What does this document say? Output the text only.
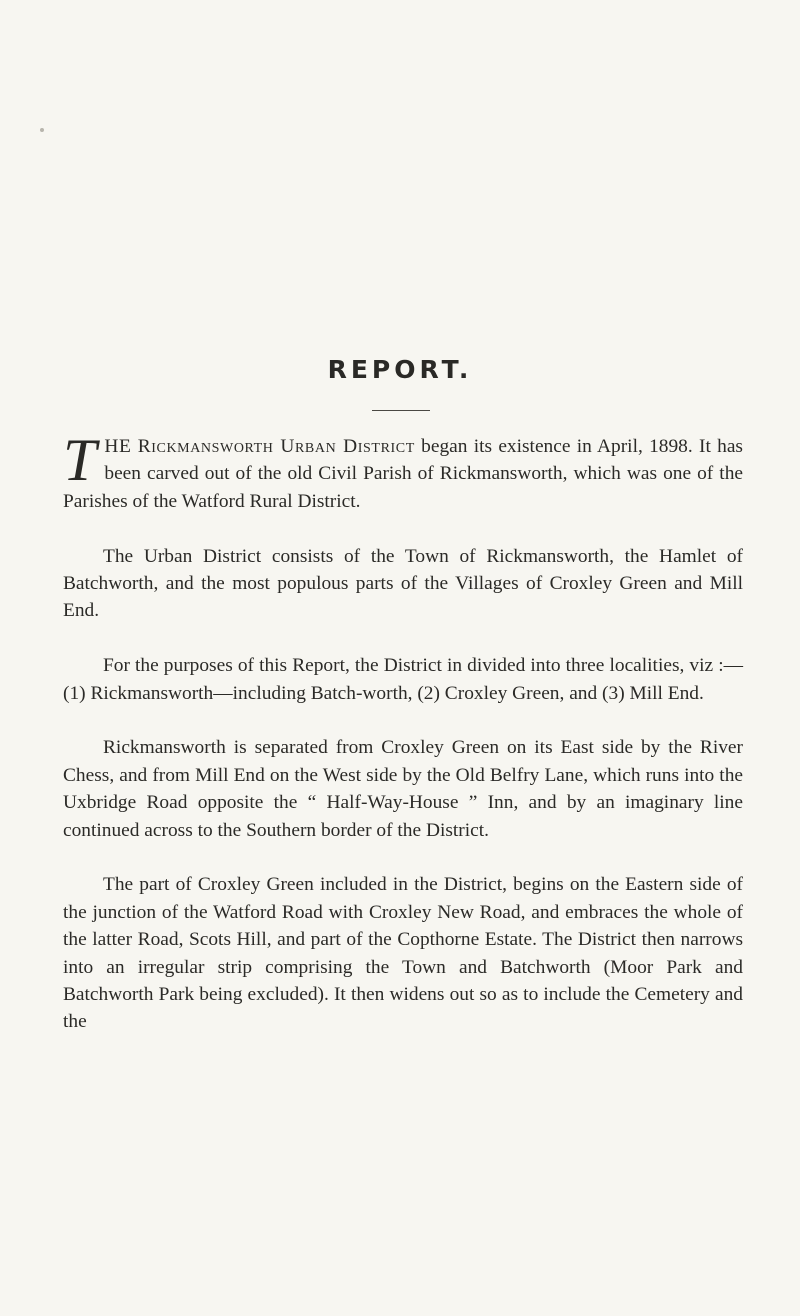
REPORT.

THE Rickmansworth Urban District began its existence in April, 1898. It has been carved out of the old Civil Parish of Rickmansworth, which was one of the Parishes of the Watford Rural District.

The Urban District consists of the Town of Rickmansworth, the Hamlet of Batchworth, and the most populous parts of the Villages of Croxley Green and Mill End.

For the purposes of this Report, the District in divided into three localities, viz :—(1) Rickmansworth—including Batch-worth, (2) Croxley Green, and (3) Mill End.

Rickmansworth is separated from Croxley Green on its East side by the River Chess, and from Mill End on the West side by the Old Belfry Lane, which runs into the Uxbridge Road opposite the “ Half-Way-House ” Inn, and by an imaginary line continued across to the Southern border of the District.

The part of Croxley Green included in the District, begins on the Eastern side of the junction of the Watford Road with Croxley New Road, and embraces the whole of the latter Road, Scots Hill, and part of the Copthorne Estate. The District then narrows into an irregular strip comprising the Town and Batchworth (Moor Park and Batchworth Park being excluded). It then widens out so as to include the Cemetery and the
